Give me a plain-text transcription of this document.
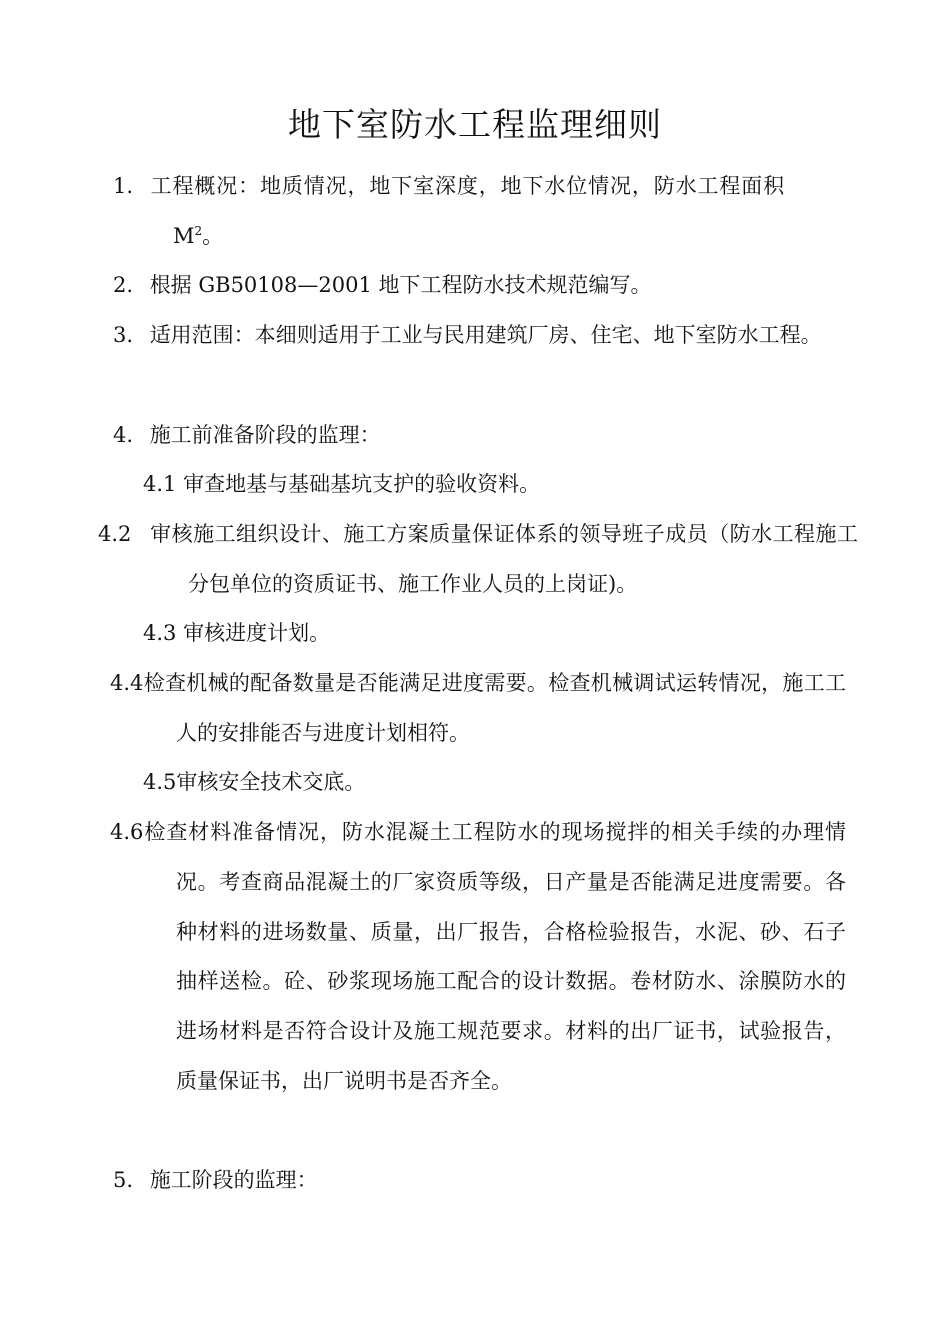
地下室防水工程监理细则
1. 工程概况：地质情况，地下室深度，地下水位情况，防水工程面积$M^2$。
2. 根据 GB50108—2001 地下工程防水技术规范编写。
3. 适用范围：本细则适用于工业与民用建筑厂房、住宅、地下室防水工程。
4. 施工前准备阶段的监理：
4.1 审查地基与基础基坑支护的验收资料。
4.2 审核施工组织设计、施工方案质量保证体系的领导班子成员（防水工程施工分包单位的资质证书、施工作业人员的上岗证)。
4.3 审核进度计划。
4.4检查机械的配备数量是否能满足进度需要。检查机械调试运转情况，施工工人的安排能否与进度计划相符。
4.5审核安全技术交底。
4.6检查材料准备情况，防水混凝土工程防水的现场搅拌的相关手续的办理情况。考查商品混凝土的厂家资质等级，日产量是否能满足进度需要。各种材料的进场数量、质量，出厂报告，合格检验报告，水泥、砂、石子抽样送检。砼、砂浆现场施工配合的设计数据。卷材防水、涂膜防水的进场材料是否符合设计及施工规范要求。材料的出厂证书，试验报告，质量保证书，出厂说明书是否齐全。
5. 施工阶段的监理：
